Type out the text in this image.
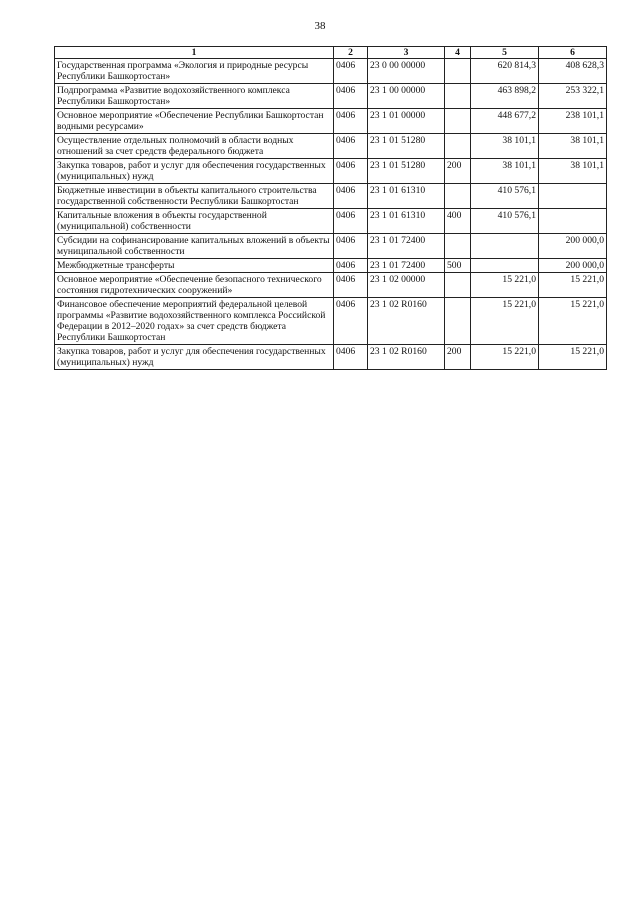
38
1	2	3	4	5	6
Государственная программа «Экология и природные ресурсы Республики Башкортостан»	0406	23 0 00 00000		620 814,3	408 628,3
Подпрограмма «Развитие водохозяйственного комплекса Республики Башкортостан»	0406	23 1 00 00000		463 898,2	253 322,1
Основное мероприятие «Обеспечение Республики Башкортостан водными ресурсами»	0406	23 1 01 00000		448 677,2	238 101,1
Осуществление отдельных полномочий в области водных отношений за счет средств федерального бюджета	0406	23 1 01 51280		38 101,1	38 101,1
Закупка товаров, работ и услуг для обеспечения государственных (муниципальных) нужд	0406	23 1 01 51280	200	38 101,1	38 101,1
Бюджетные инвестиции в объекты капитального строительства государственной собственности Республики Башкортостан	0406	23 1 01 61310		410 576,1	
Капитальные вложения в объекты государственной (муниципальной) собственности	0406	23 1 01 61310	400	410 576,1	
Субсидии на софинансирование капитальных вложений в объекты муниципальной собственности	0406	23 1 01 72400			200 000,0
Межбюджетные трансферты	0406	23 1 01 72400	500		200 000,0
Основное мероприятие «Обеспечение безопасного технического состояния гидротехнических сооружений»	0406	23 1 02 00000		15 221,0	15 221,0
Финансовое обеспечение мероприятий федеральной целевой программы «Развитие водохозяйственного комплекса Российской Федерации в 2012–2020 годах» за счет средств бюджета Республики Башкортостан	0406	23 1 02 R0160		15 221,0	15 221,0
Закупка товаров, работ и услуг для обеспечения государственных (муниципальных) нужд	0406	23 1 02 R0160	200	15 221,0	15 221,0
